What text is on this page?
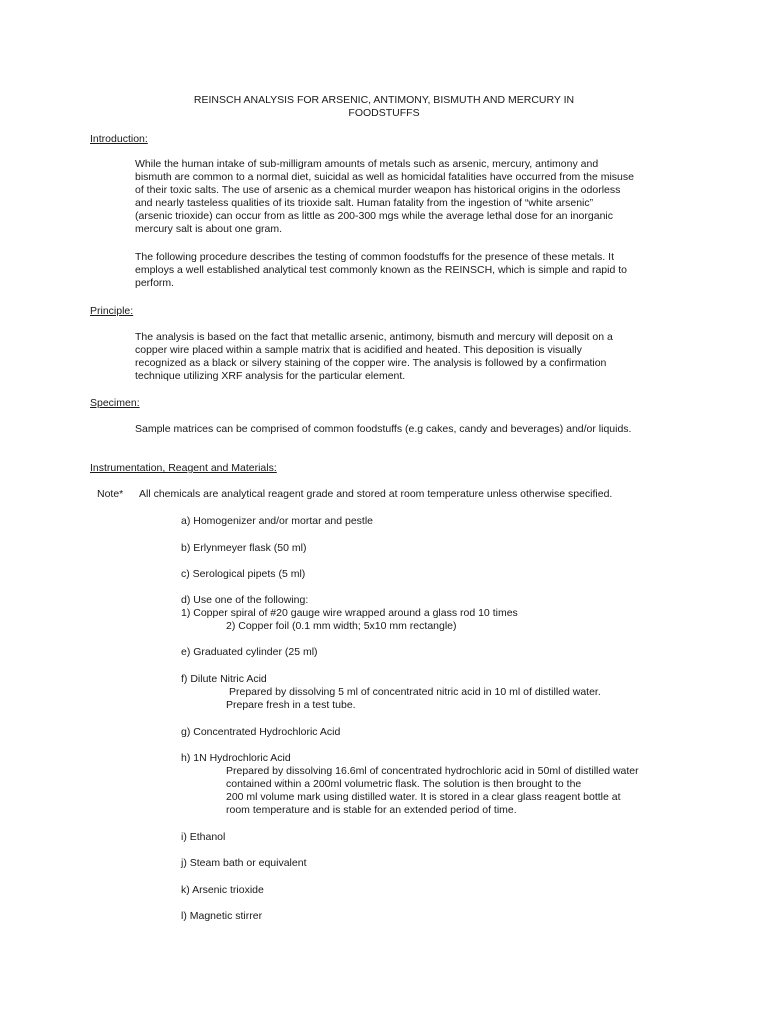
REINSCH ANALYSIS FOR ARSENIC, ANTIMONY, BISMUTH AND MERCURY IN
FOODSTUFFS
Introduction:
While the human intake of sub-milligram amounts of metals such as arsenic, mercury, antimony and
bismuth are common to a normal diet, suicidal as well as homicidal fatalities have occurred from the misuse
of their toxic salts. The use of arsenic as a chemical murder weapon has historical origins in the odorless
and nearly tasteless qualities of its trioxide salt. Human fatality from the ingestion of “white arsenic”
(arsenic trioxide) can occur from as little as 200-300 mgs while the average lethal dose for an inorganic
mercury salt is about one gram.
The following procedure describes the testing of common foodstuffs for the presence of these metals. It
employs a well established analytical test commonly known as the REINSCH, which is simple and rapid to
perform.
Principle:
The analysis is based on the fact that metallic arsenic, antimony, bismuth and mercury will deposit on a
copper wire placed within a sample matrix that is acidified and heated. This deposition is visually
recognized as a black or silvery staining of the copper wire. The analysis is followed by a confirmation
technique utilizing XRF analysis for the particular element.
Specimen:
Sample matrices can be comprised of common foodstuffs (e.g cakes, candy and beverages) and/or liquids.
Instrumentation, Reagent and Materials:
Note* All chemicals are analytical reagent grade and stored at room temperature unless otherwise specified.
a) Homogenizer and/or mortar and pestle
b) Erlynmeyer flask (50 ml)
c) Serological pipets (5 ml)
d) Use one of the following:
1) Copper spiral of #20 gauge wire wrapped around a glass rod 10 times
2) Copper foil (0.1 mm width; 5x10 mm rectangle)
e) Graduated cylinder (25 ml)
f) Dilute Nitric Acid
Prepared by dissolving 5 ml of concentrated nitric acid in 10 ml of distilled water.
Prepare fresh in a test tube.
g) Concentrated Hydrochloric Acid
h) 1N Hydrochloric Acid
Prepared by dissolving 16.6ml of concentrated hydrochloric acid in 50ml of distilled water
contained within a 200ml volumetric flask. The solution is then brought to the
200 ml volume mark using distilled water. It is stored in a clear glass reagent bottle at
room temperature and is stable for an extended period of time.
i) Ethanol
j) Steam bath or equivalent
k) Arsenic trioxide
l) Magnetic stirrer
